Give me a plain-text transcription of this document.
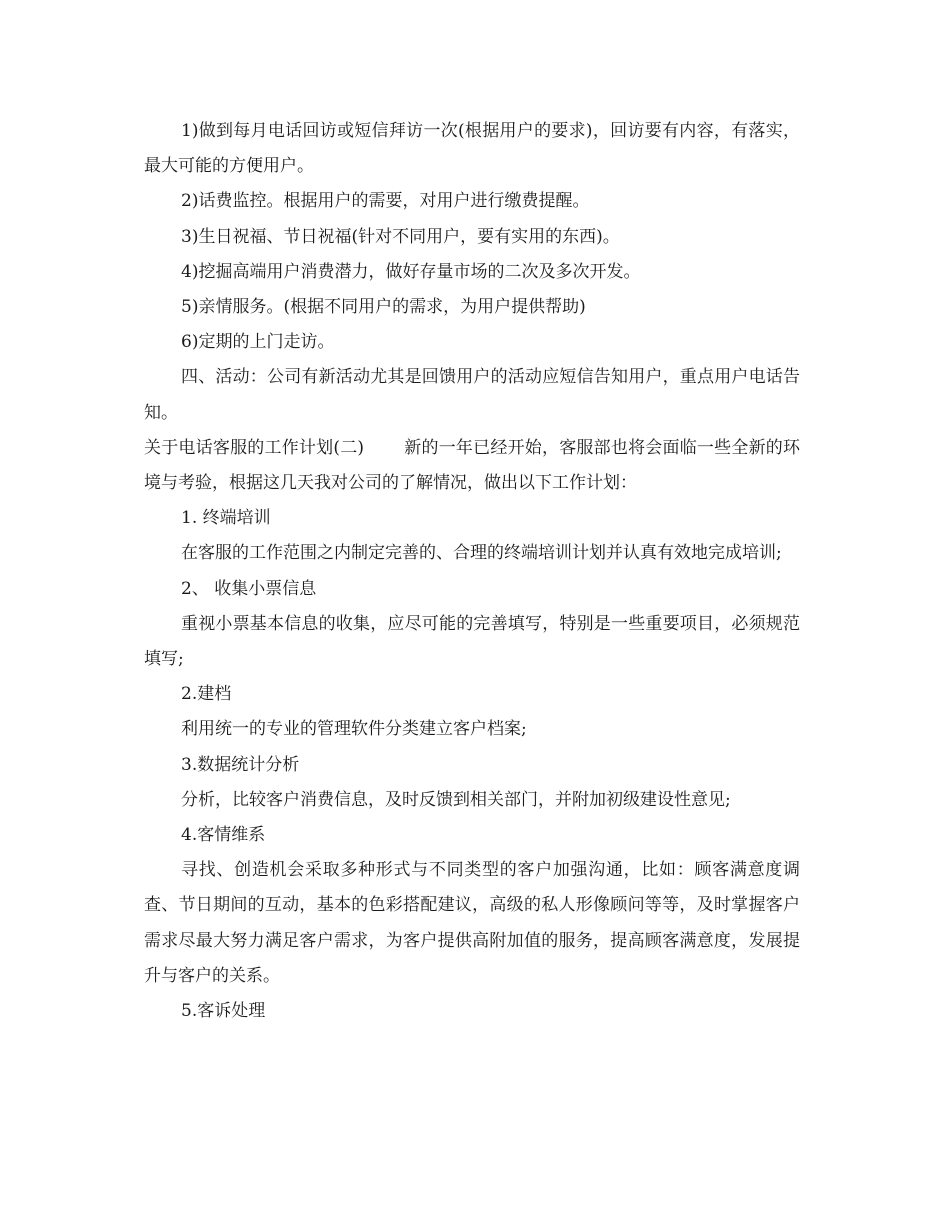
1)做到每月电话回访或短信拜访一次(根据用户的要求)，回访要有内容，有落实，最大可能的方便用户。

2)话费监控。根据用户的需要，对用户进行缴费提醒。

3)生日祝福、节日祝福(针对不同用户，要有实用的东西)。

4)挖掘高端用户消费潜力，做好存量市场的二次及多次开发。

5)亲情服务。(根据不同用户的需求，为用户提供帮助)

6)定期的上门走访。

四、活动：公司有新活动尤其是回馈用户的活动应短信告知用户，重点用户电话告知。

关于电话客服的工作计划(二) 新的一年已经开始，客服部也将会面临一些全新的环境与考验，根据这几天我对公司的了解情况，做出以下工作计划：

1. 终端培训

在客服的工作范围之内制定完善的、合理的终端培训计划并认真有效地完成培训;

2、 收集小票信息

重视小票基本信息的收集，应尽可能的完善填写，特别是一些重要项目，必须规范填写;

2.建档

利用统一的专业的管理软件分类建立客户档案;

3.数据统计分析

分析，比较客户消费信息，及时反馈到相关部门，并附加初级建设性意见;

4.客情维系

寻找、创造机会采取多种形式与不同类型的客户加强沟通，比如：顾客满意度调查、节日期间的互动，基本的色彩搭配建议，高级的私人形像顾问等等，及时掌握客户需求尽最大努力满足客户需求，为客户提供高附加值的服务，提高顾客满意度，发展提升与客户的关系。

5.客诉处理
